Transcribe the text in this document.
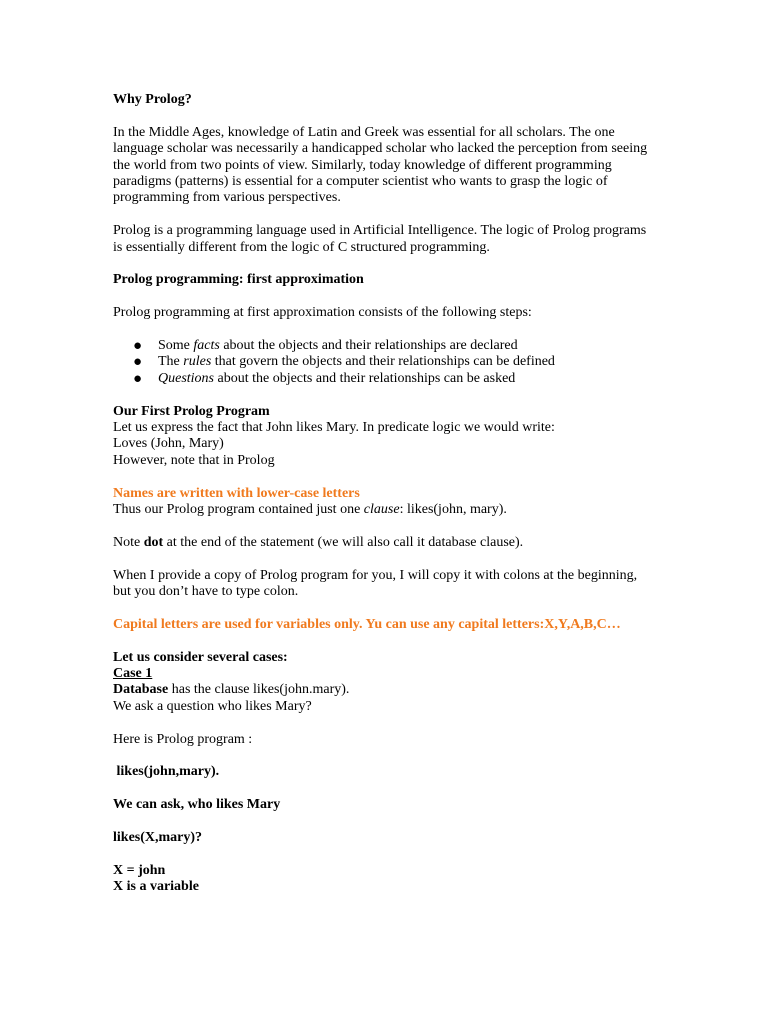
Why Prolog?

In the Middle Ages, knowledge of Latin and Greek was essential for all scholars. The one language scholar was necessarily a handicapped scholar who lacked the perception from seeing the world from two points of view. Similarly, today knowledge of different programming paradigms (patterns) is essential for a computer scientist who wants to grasp the logic of programming from various perspectives.

Prolog is a programming language used in Artificial Intelligence. The logic of Prolog programs is essentially different from the logic of C structured programming.

Prolog programming: first approximation

Prolog programming at first approximation consists of the following steps:

● Some facts about the objects and their relationships are declared
● The rules that govern the objects and their relationships can be defined
● Questions about the objects and their relationships can be asked

Our First Prolog Program

Let us express the fact that John likes Mary. In predicate logic we would write:

Loves (John, Mary)

However, note that in Prolog

Names are written with lower-case letters

Thus our Prolog program contained just one clause: likes(john, mary).

Note dot at the end of the statement (we will also call it database clause).

When I provide a copy of Prolog program for you, I will copy it with colons at the beginning, but you don’t have to type colon.

Capital letters are used for variables only. Yu can use any capital letters:X,Y,A,B,C…

Let us consider several cases:

Case 1

Database has the clause likes(john.mary).

We ask a question who likes Mary?

Here is Prolog program :

likes(john,mary).

We can ask, who likes Mary

likes(X,mary)?

X = john

X is a variable
